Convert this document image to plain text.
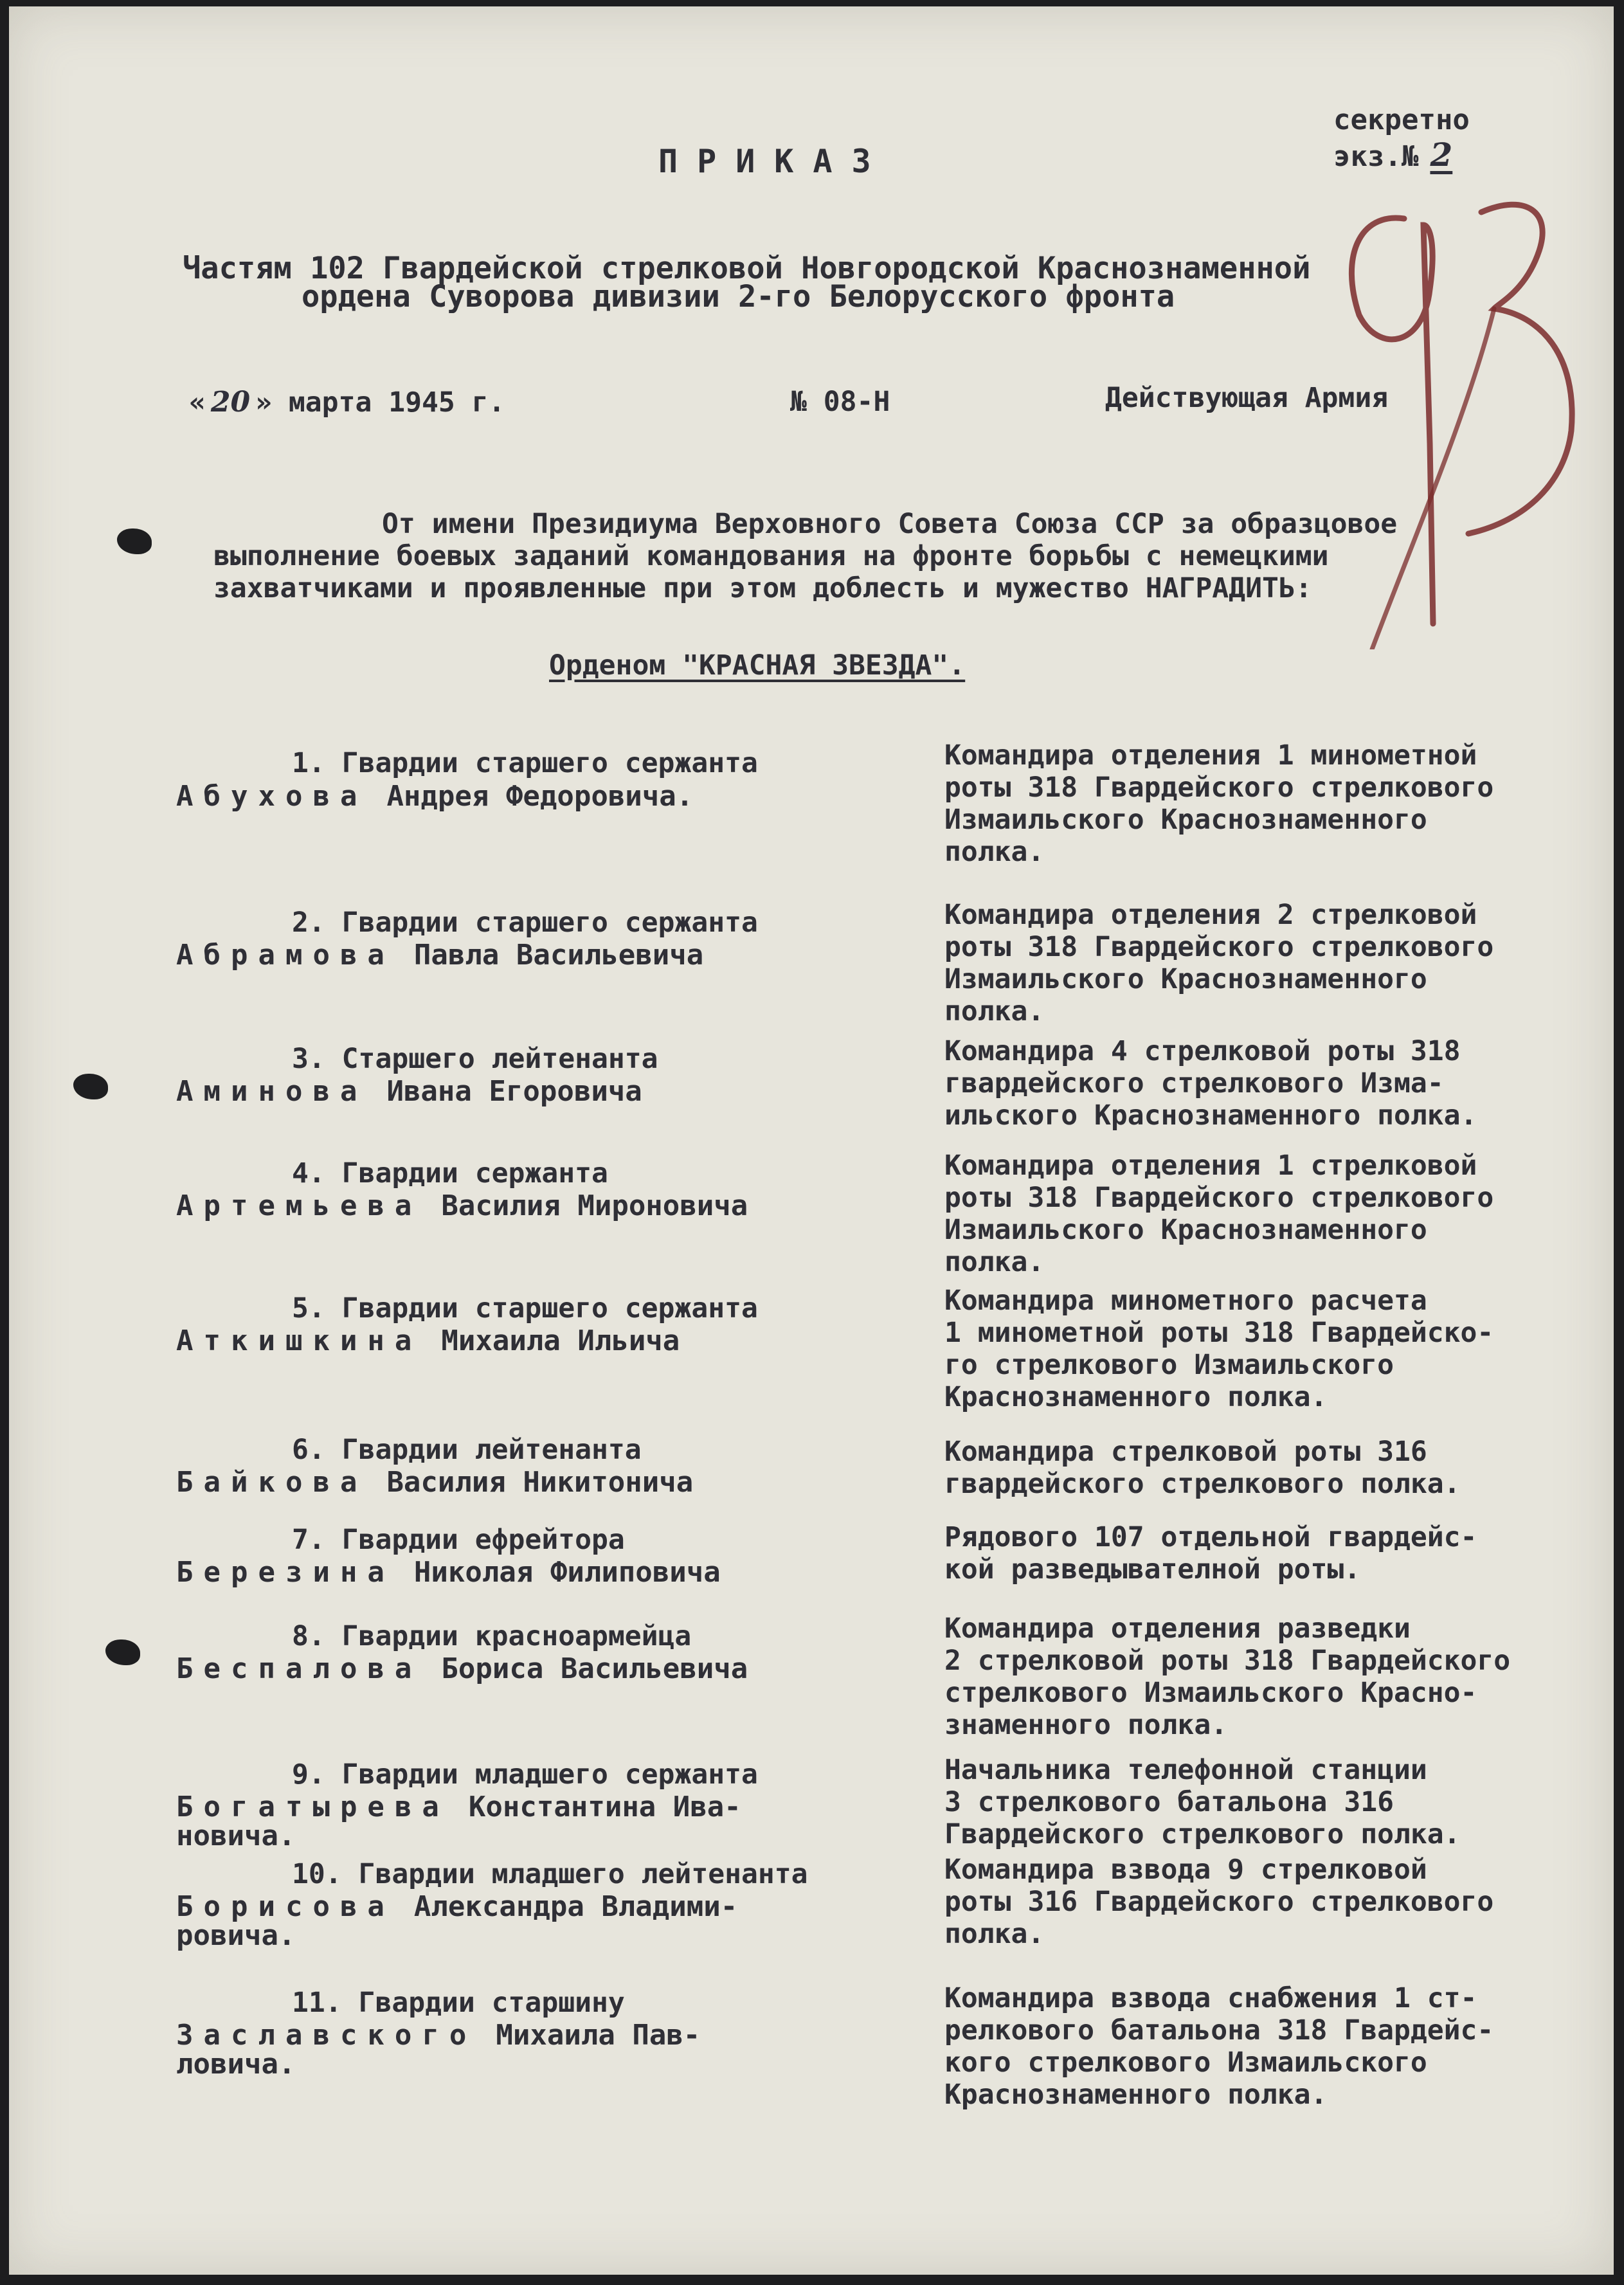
ПРИКАЗ
секретно
экз.№ 2
93
Частям 102 Гвардейской стрелковой Новгородской Краснознаменной
ордена Суворова дивизии 2-го Белорусского фронта
« 20 » марта 1945 г.	№ 08-Н	Действующая Армия
От имени Президиума Верховного Совета Союза ССР за образцовое
выполнение боевых заданий командования на фронте борьбы с немецкими
захватчиками и проявленные при этом доблесть и мужество НАГРАДИТЬ:
Орденом "КРАСНАЯ ЗВЕЗДА".
1. Гвардии старшего сержанта
Абухова Андрея Федоровича.
Командира отделения 1 минометной
роты 318 Гвардейского стрелкового
Измаильского Краснознаменного
полка.
2. Гвардии старшего сержанта
Абрамова Павла Васильевича
Командира отделения 2 стрелковой
роты 318 Гвардейского стрелкового
Измаильского Краснознаменного
полка.
3. Старшего лейтенанта
Аминова Ивана Егоровича
Командира 4 стрелковой роты 318
гвардейского стрелкового Изма-
ильского Краснознаменного полка.
4. Гвардии сержанта
Артемьева Василия Мироновича
Командира отделения 1 стрелковой
роты 318 Гвардейского стрелкового
Измаильского Краснознаменного
полка.
5. Гвардии старшего сержанта
Аткишкина Михаила Ильича
Командира минометного расчета
1 минометной роты 318 Гвардейско-
го стрелкового Измаильского
Краснознаменного полка.
6. Гвардии лейтенанта
Байкова Василия Никитонича
Командира стрелковой роты 316
гвардейского стрелкового полка.
7. Гвардии ефрейтора
Березина Николая Филиповича
Рядового 107 отдельной гвардейс-
кой разведывателной роты.
8. Гвардии красноармейца
Беспалова Бориса Васильевича
Командира отделения разведки
2 стрелковой роты 318 Гвардейского
стрелкового Измаильского Красно-
знаменного полка.
9. Гвардии младшего сержанта
Богатырева Константина Ива-
новича.
Начальника телефонной станции
3 стрелкового батальона 316
Гвардейского стрелкового полка.
10. Гвардии младшего лейтенанта
Борисова Александра Владими-
ровича.
Командира взвода 9 стрелковой
роты 316 Гвардейского стрелкового
полка.
11. Гвардии старшину
Заславского Михаила Пав-
ловича.
Командира взвода снабжения 1 ст-
релкового батальона 318 Гвардейс-
кого стрелкового Измаильского
Краснознаменного полка.
